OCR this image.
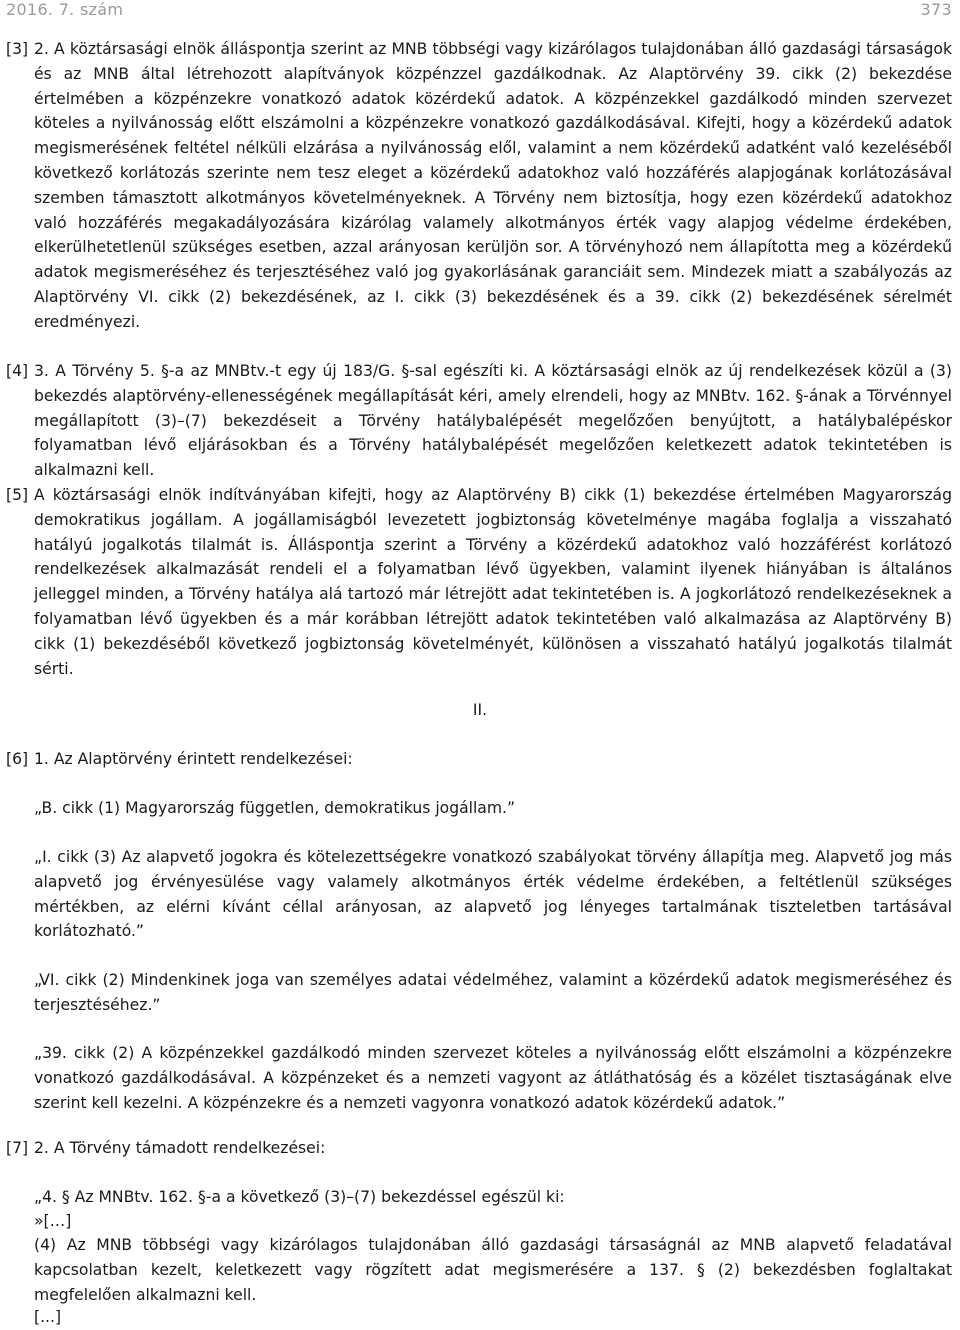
2016. 7. szám	373
[3] 2. A köztársasági elnök álláspontja szerint az MNB többségi vagy kizárólagos tulajdonában álló gazdasági társaságok és az MNB által létrehozott alapítványok közpénzzel gazdálkodnak. Az Alaptörvény 39. cikk (2) bekezdése értelmében a közpénzekre vonatkozó adatok közérdekű adatok. A közpénzekkel gazdálkodó minden szervezet köteles a nyilvánosság előtt elszámolni a közpénzekre vonatkozó gazdálkodásával. Kifejti, hogy a közérdekű adatok megismerésének feltétel nélküli elzárása a nyilvánosság elől, valamint a nem közérdekű adatként való kezeléséből következő korlátozás szerinte nem tesz eleget a közérdekű adatokhoz való hozzáférés alapjogának korlátozásával szemben támasztott alkotmányos követelményeknek. A Törvény nem biztosítja, hogy ezen közérdekű adatokhoz való hozzáférés megakadályozására kizárólag valamely alkotmányos érték vagy alapjog védelme érdekében, elkerülhetetlenül szükséges esetben, azzal arányosan kerüljön sor. A törvényhozó nem állapította meg a közérdekű adatok megismeréséhez és terjesztéséhez való jog gyakorlásának garanciáit sem. Mindezek miatt a szabályozás az Alaptörvény VI. cikk (2) bekezdésének, az I. cikk (3) bekezdésének és a 39. cikk (2) bekezdésének sérelmét eredményezi.
[4] 3. A Törvény 5. §-a az MNBtv.-t egy új 183/G. §-sal egészíti ki. A köztársasági elnök az új rendelkezések közül a (3) bekezdés alaptörvény-ellenességének megállapítását kéri, amely elrendeli, hogy az MNBtv. 162. §-ának a Törvénnyel megállapított (3)–(7) bekezdéseit a Törvény hatálybalépését megelőzően benyújtott, a hatálybalépéskor folyamatban lévő eljárásokban és a Törvény hatálybalépését megelőzően keletkezett adatok tekintetében is alkalmazni kell.
[5] A köztársasági elnök indítványában kifejti, hogy az Alaptörvény B) cikk (1) bekezdése értelmében Magyarország demokratikus jogállam. A jogállamiságból levezetett jogbiztonság követelménye magába foglalja a visszaható hatályú jogalkotás tilalmát is. Álláspontja szerint a Törvény a közérdekű adatokhoz való hozzáférést korlátozó rendelkezések alkalmazását rendeli el a folyamatban lévő ügyekben, valamint ilyenek hiányában is általános jelleggel minden, a Törvény hatálya alá tartozó már létrejött adat tekintetében is. A jogkorlátozó rendelkezéseknek a folyamatban lévő ügyekben és a már korábban létrejött adatok tekintetében való alkalmazása az Alaptörvény B) cikk (1) bekezdéséből következő jogbiztonság követelményét, különösen a visszaható hatályú jogalkotás tilalmát sérti.
II.
[6] 1. Az Alaptörvény érintett rendelkezései:
„B. cikk (1) Magyarország független, demokratikus jogállam.”
„I. cikk (3) Az alapvető jogokra és kötelezettségekre vonatkozó szabályokat törvény állapítja meg. Alapvető jog más alapvető jog érvényesülése vagy valamely alkotmányos érték védelme érdekében, a feltétlenül szükséges mértékben, az elérni kívánt céllal arányosan, az alapvető jog lényeges tartalmának tiszteletben tartásával korlátozható.”
„VI. cikk (2) Mindenkinek joga van személyes adatai védelméhez, valamint a közérdekű adatok megismeréséhez és terjesztéséhez.”
„39. cikk (2) A közpénzekkel gazdálkodó minden szervezet köteles a nyilvánosság előtt elszámolni a közpénzekre vonatkozó gazdálkodásával. A közpénzeket és a nemzeti vagyont az átláthatóság és a közélet tisztaságának elve szerint kell kezelni. A közpénzekre és a nemzeti vagyonra vonatkozó adatok közérdekű adatok.”
[7] 2. A Törvény támadott rendelkezései:
„4. § Az MNBtv. 162. §-a a következő (3)–(7) bekezdéssel egészül ki:
»[…]
(4) Az MNB többségi vagy kizárólagos tulajdonában álló gazdasági társaságnál az MNB alapvető feladatával kapcsolatban kezelt, keletkezett vagy rögzített adat megismerésére a 137. § (2) bekezdésben foglaltakat megfelelően alkalmazni kell.
[...]
